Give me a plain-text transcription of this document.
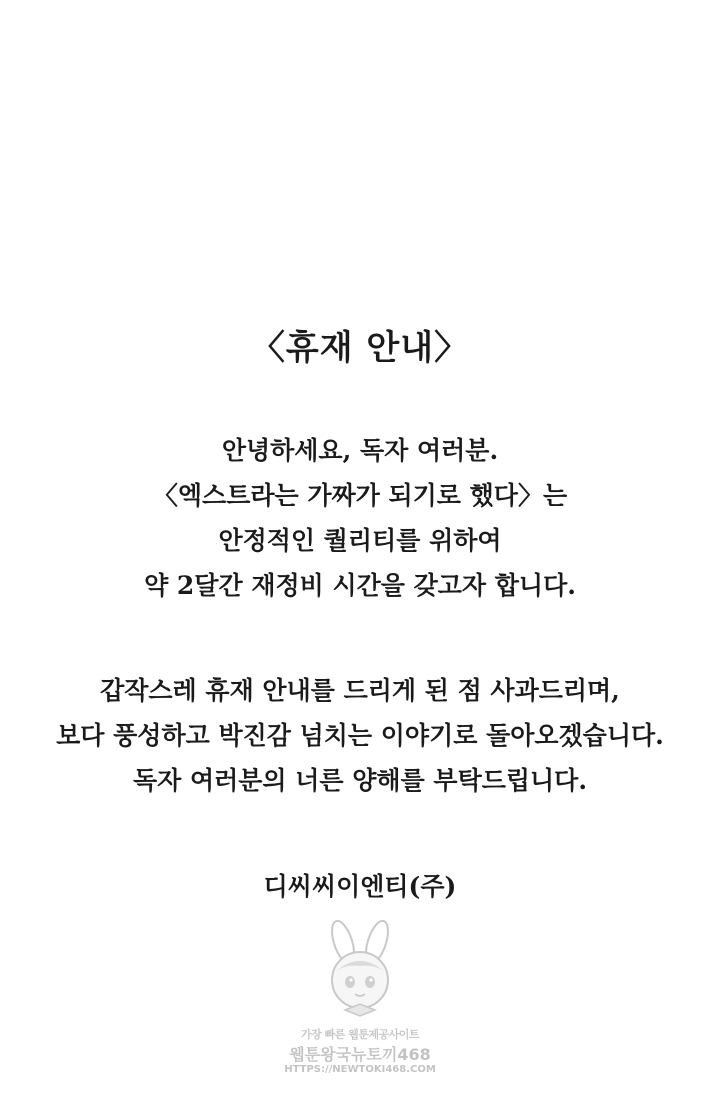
〈휴재 안내〉

안녕하세요, 독자 여러분.
〈엑스트라는 가짜가 되기로 했다〉는
안정적인 퀄리티를 위하여
약 2달간 재정비 시간을 갖고자 합니다.

갑작스레 휴재 안내를 드리게 된 점 사과드리며,
보다 풍성하고 박진감 넘치는 이야기로 돌아오겠습니다.
독자 여러분의 너른 양해를 부탁드립니다.

디씨씨이엔티(주)

가장 빠른 웹툰제공사이트
웹툰왕국뉴토끼468
HTTPS://NEWTOKI468.COM
